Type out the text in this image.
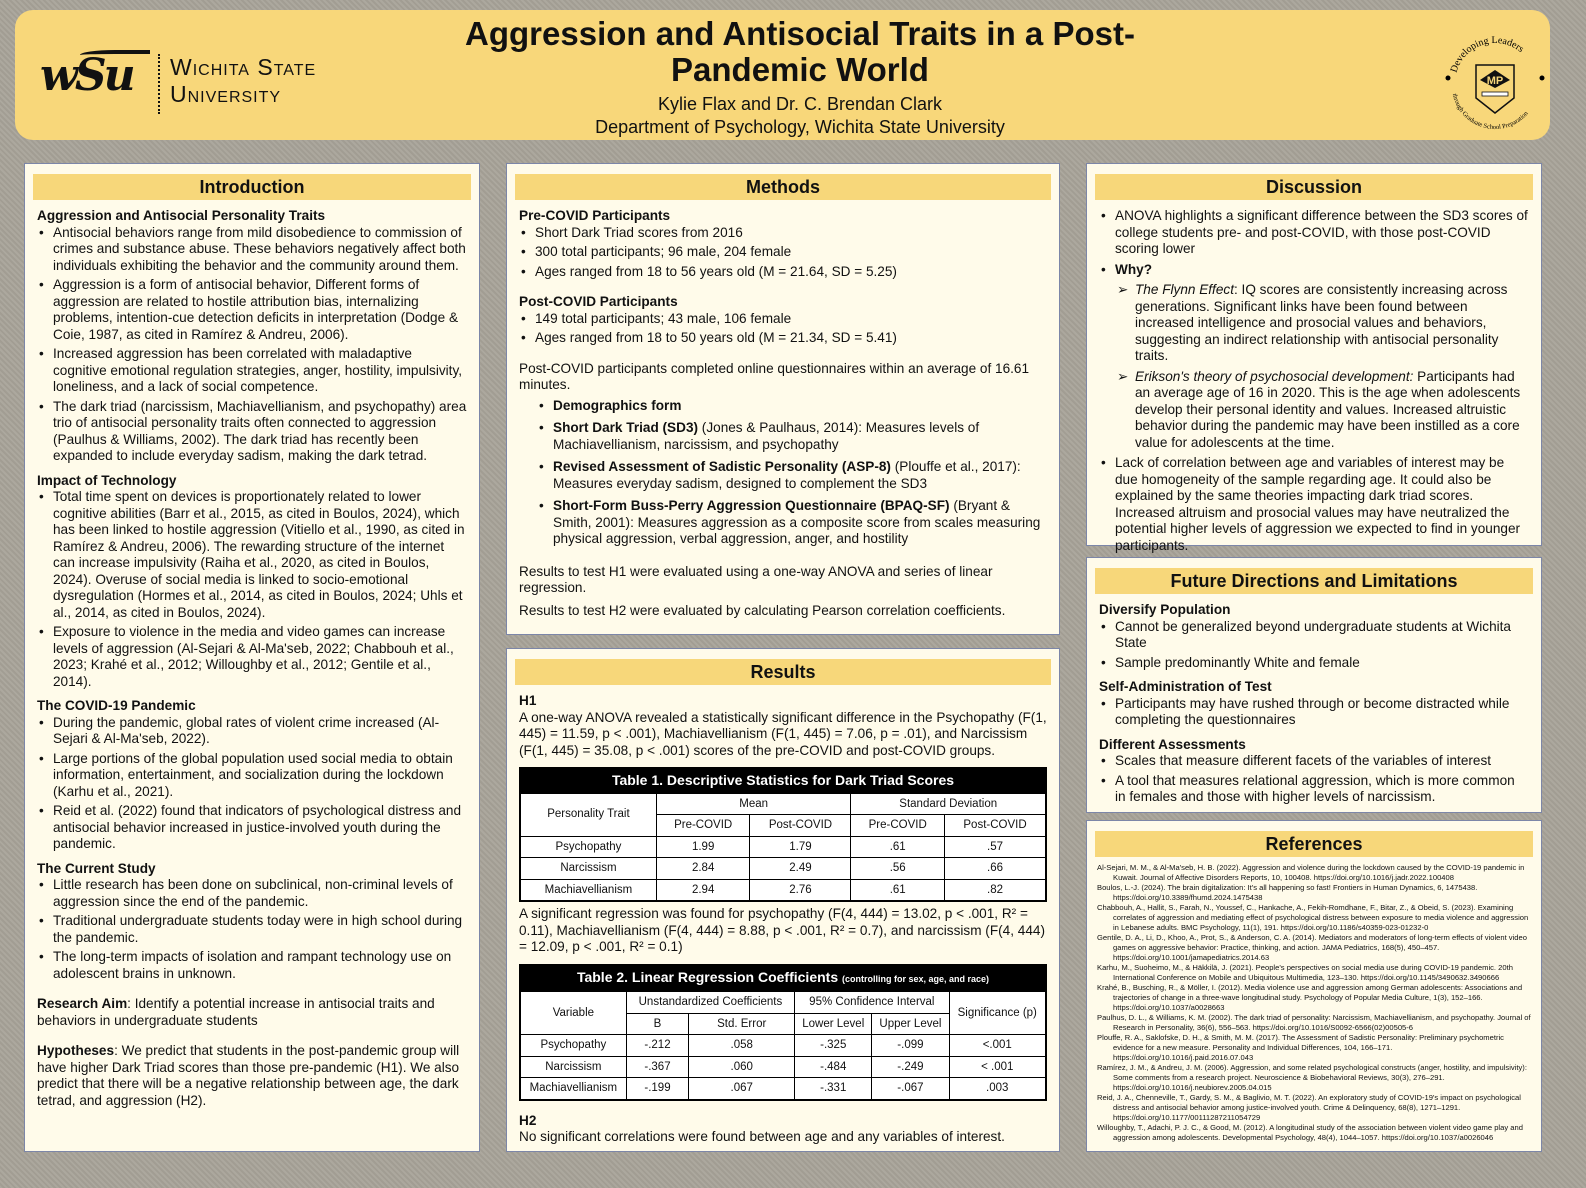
wSu Wichita State
University
Aggression and Antisocial Traits in a Post-Pandemic World
Kylie Flax and Dr. C. Brendan Clark
Department of Psychology, Wichita State University
Developing Leaders
through Graduate School Preparation
MP
Introduction
Aggression and Antisocial Personality Traits
• Antisocial behaviors range from mild disobedience to commission of crimes and substance abuse. These behaviors negatively affect both individuals exhibiting the behavior and the community around them.
• Aggression is a form of antisocial behavior, Different forms of aggression are related to hostile attribution bias, internalizing problems, intention-cue detection deficits in interpretation (Dodge & Coie, 1987, as cited in Ramírez & Andreu, 2006).
• Increased aggression has been correlated with maladaptive cognitive emotional regulation strategies, anger, hostility, impulsivity, loneliness, and a lack of social competence.
• The dark triad (narcissism, Machiavellianism, and psychopathy) area trio of antisocial personality traits often connected to aggression (Paulhus & Williams, 2002). The dark triad has recently been expanded to include everyday sadism, making the dark tetrad.
Impact of Technology
• Total time spent on devices is proportionately related to lower cognitive abilities (Barr et al., 2015, as cited in Boulos, 2024), which has been linked to hostile aggression (Vitiello et al., 1990, as cited in Ramírez & Andreu, 2006). The rewarding structure of the internet can increase impulsivity (Raiha et al., 2020, as cited in Boulos, 2024). Overuse of social media is linked to socio-emotional dysregulation (Hormes et al., 2014, as cited in Boulos, 2024; Uhls et al., 2014, as cited in Boulos, 2024).
• Exposure to violence in the media and video games can increase levels of aggression (Al-Sejari & Al-Ma'seb, 2022; Chabbouh et al., 2023; Krahé et al., 2012; Willoughby et al., 2012; Gentile et al., 2014).
The COVID-19 Pandemic
• During the pandemic, global rates of violent crime increased (Al-Sejari & Al-Ma'seb, 2022).
• Large portions of the global population used social media to obtain information, entertainment, and socialization during the lockdown (Karhu et al., 2021).
• Reid et al. (2022) found that indicators of psychological distress and antisocial behavior increased in justice-involved youth during the pandemic.
The Current Study
• Little research has been done on subclinical, non-criminal levels of aggression since the end of the pandemic.
• Traditional undergraduate students today were in high school during the pandemic.
• The long-term impacts of isolation and rampant technology use on adolescent brains in unknown.

Research Aim: Identify a potential increase in antisocial traits and behaviors in undergraduate students

Hypotheses: We predict that students in the post-pandemic group will have higher Dark Triad scores than those pre-pandemic (H1). We also predict that there will be a negative relationship between age, the dark tetrad, and aggression (H2).

Methods
Pre-COVID Participants
• Short Dark Triad scores from 2016
• 300 total participants; 96 male, 204 female
• Ages ranged from 18 to 56 years old (M = 21.64, SD = 5.25)
Post-COVID Participants
• 149 total participants; 43 male, 106 female
• Ages ranged from 18 to 50 years old (M = 21.34, SD = 5.41)

Post-COVID participants completed online questionnaires within an average of 16.61 minutes.

• Demographics form
• Short Dark Triad (SD3) (Jones & Paulhaus, 2014): Measures levels of Machiavellianism, narcissism, and psychopathy
• Revised Assessment of Sadistic Personality (ASP-8) (Plouffe et al., 2017): Measures everyday sadism, designed to complement the SD3
• Short-Form Buss-Perry Aggression Questionnaire (BPAQ-SF) (Bryant & Smith, 2001): Measures aggression as a composite score from scales measuring physical aggression, verbal aggression, anger, and hostility

Results to test H1 were evaluated using a one-way ANOVA and series of linear regression.

Results to test H2 were evaluated by calculating Pearson correlation coefficients.

Results
H1
A one-way ANOVA revealed a statistically significant difference in the Psychopathy (F(1, 445) = 11.59, p < .001), Machiavellianism (F(1, 445) = 7.06, p = .01), and Narcissism (F(1, 445) = 35.08, p < .001) scores of the pre-COVID and post-COVID groups.
Table 1. Descriptive Statistics for Dark Triad Scores
Personality Trait	Mean		Standard Deviation	
	Pre-COVID	Post-COVID	Pre-COVID	Post-COVID
Psychopathy	1.99	1.79	.61	.57
Narcissism	2.84	2.49	.56	.66
Machiavellianism	2.94	2.76	.61	.82
A significant regression was found for psychopathy (F(4, 444) = 13.02, p < .001, R² = 0.11), Machiavellianism (F(4, 444) = 8.88, p < .001, R² = 0.7), and narcissism (F(4, 444) = 12.09, p < .001, R² = 0.1)
Table 2. Linear Regression Coefficients (controlling for sex, age, and race)
Variable	Unstandardized Coefficients		95% Confidence Interval		Significance (p)
	B	Std. Error	Lower Level	Upper Level	
Psychopathy	-.212	.058	-.325	-.099	<.001
Narcissism	-.367	.060	-.484	-.249	< .001
Machiavellianism	-.199	.067	-.331	-.067	.003
H2
No significant correlations were found between age and any variables of interest.
Discussion
• ANOVA highlights a significant difference between the SD3 scores of college students pre- and post-COVID, with those post-COVID scoring lower
• Why?
➢ The Flynn Effect: IQ scores are consistently increasing across generations. Significant links have been found between increased intelligence and prosocial values and behaviors, suggesting an indirect relationship with antisocial personality traits.
➢ Erikson's theory of psychosocial development: Participants had an average age of 16 in 2020. This is the age when adolescents develop their personal identity and values. Increased altruistic behavior during the pandemic may have been instilled as a core value for adolescents at the time.
• Lack of correlation between age and variables of interest may be due homogeneity of the sample regarding age. It could also be explained by the same theories impacting dark triad scores. Increased altruism and prosocial values may have neutralized the potential higher levels of aggression we expected to find in younger participants.
Future Directions and Limitations
Diversify Population
• Cannot be generalized beyond undergraduate students at Wichita State
• Sample predominantly White and female
Self-Administration of Test
• Participants may have rushed through or become distracted while completing the questionnaires
Different Assessments
• Scales that measure different facets of the variables of interest
• A tool that measures relational aggression, which is more common in females and those with higher levels of narcissism.
References
Al-Sejari, M. M., & Al-Ma'seb, H. B. (2022). Aggression and violence during the lockdown caused by the COVID-19 pandemic in Kuwait. Journal of Affective Disorders Reports, 10, 100408. https://doi.org/10.1016/j.jadr.2022.100408
Boulos, L.-J. (2024). The brain digitalization: It's all happening so fast! Frontiers in Human Dynamics, 6, 1475438. https://doi.org/10.3389/fhumd.2024.1475438
Chabbouh, A., Hallit, S., Farah, N., Youssef, C., Hankache, A., Fekih-Romdhane, F., Bitar, Z., & Obeid, S. (2023). Examining correlates of aggression and mediating effect of psychological distress between exposure to media violence and aggression in Lebanese adults. BMC Psychology, 11(1), 191. https://doi.org/10.1186/s40359-023-01232-0
Gentile, D. A., Li, D., Khoo, A., Prot, S., & Anderson, C. A. (2014). Mediators and moderators of long-term effects of violent video games on aggressive behavior: Practice, thinking, and action. JAMA Pediatrics, 168(5), 450–457. https://doi.org/10.1001/jamapediatrics.2014.63
Karhu, M., Suoheimo, M., & Häkkilä, J. (2021). People's perspectives on social media use during COVID-19 pandemic. 20th International Conference on Mobile and Ubiquitous Multimedia, 123–130. https://doi.org/10.1145/3490632.3490666
Krahé, B., Busching, R., & Möller, I. (2012). Media violence use and aggression among German adolescents: Associations and trajectories of change in a three-wave longitudinal study. Psychology of Popular Media Culture, 1(3), 152–166. https://doi.org/10.1037/a0028663
Paulhus, D. L., & Williams, K. M. (2002). The dark triad of personality: Narcissism, Machiavellianism, and psychopathy. Journal of Research in Personality, 36(6), 556–563. https://doi.org/10.1016/S0092-6566(02)00505-6
Plouffe, R. A., Saklofske, D. H., & Smith, M. M. (2017). The Assessment of Sadistic Personality: Preliminary psychometric evidence for a new measure. Personality and Individual Differences, 104, 166–171. https://doi.org/10.1016/j.paid.2016.07.043
Ramírez, J. M., & Andreu, J. M. (2006). Aggression, and some related psychological constructs (anger, hostility, and impulsivity): Some comments from a research project. Neuroscience & Biobehavioral Reviews, 30(3), 276–291. https://doi.org/10.1016/j.neubiorev.2005.04.015
Reid, J. A., Chenneville, T., Gardy, S. M., & Baglivio, M. T. (2022). An exploratory study of COVID-19's impact on psychological distress and antisocial behavior among justice-involved youth. Crime & Delinquency, 68(8), 1271–1291. https://doi.org/10.1177/00111287211054729
Willoughby, T., Adachi, P. J. C., & Good, M. (2012). A longitudinal study of the association between violent video game play and aggression among adolescents. Developmental Psychology, 48(4), 1044–1057. https://doi.org/10.1037/a0026046
